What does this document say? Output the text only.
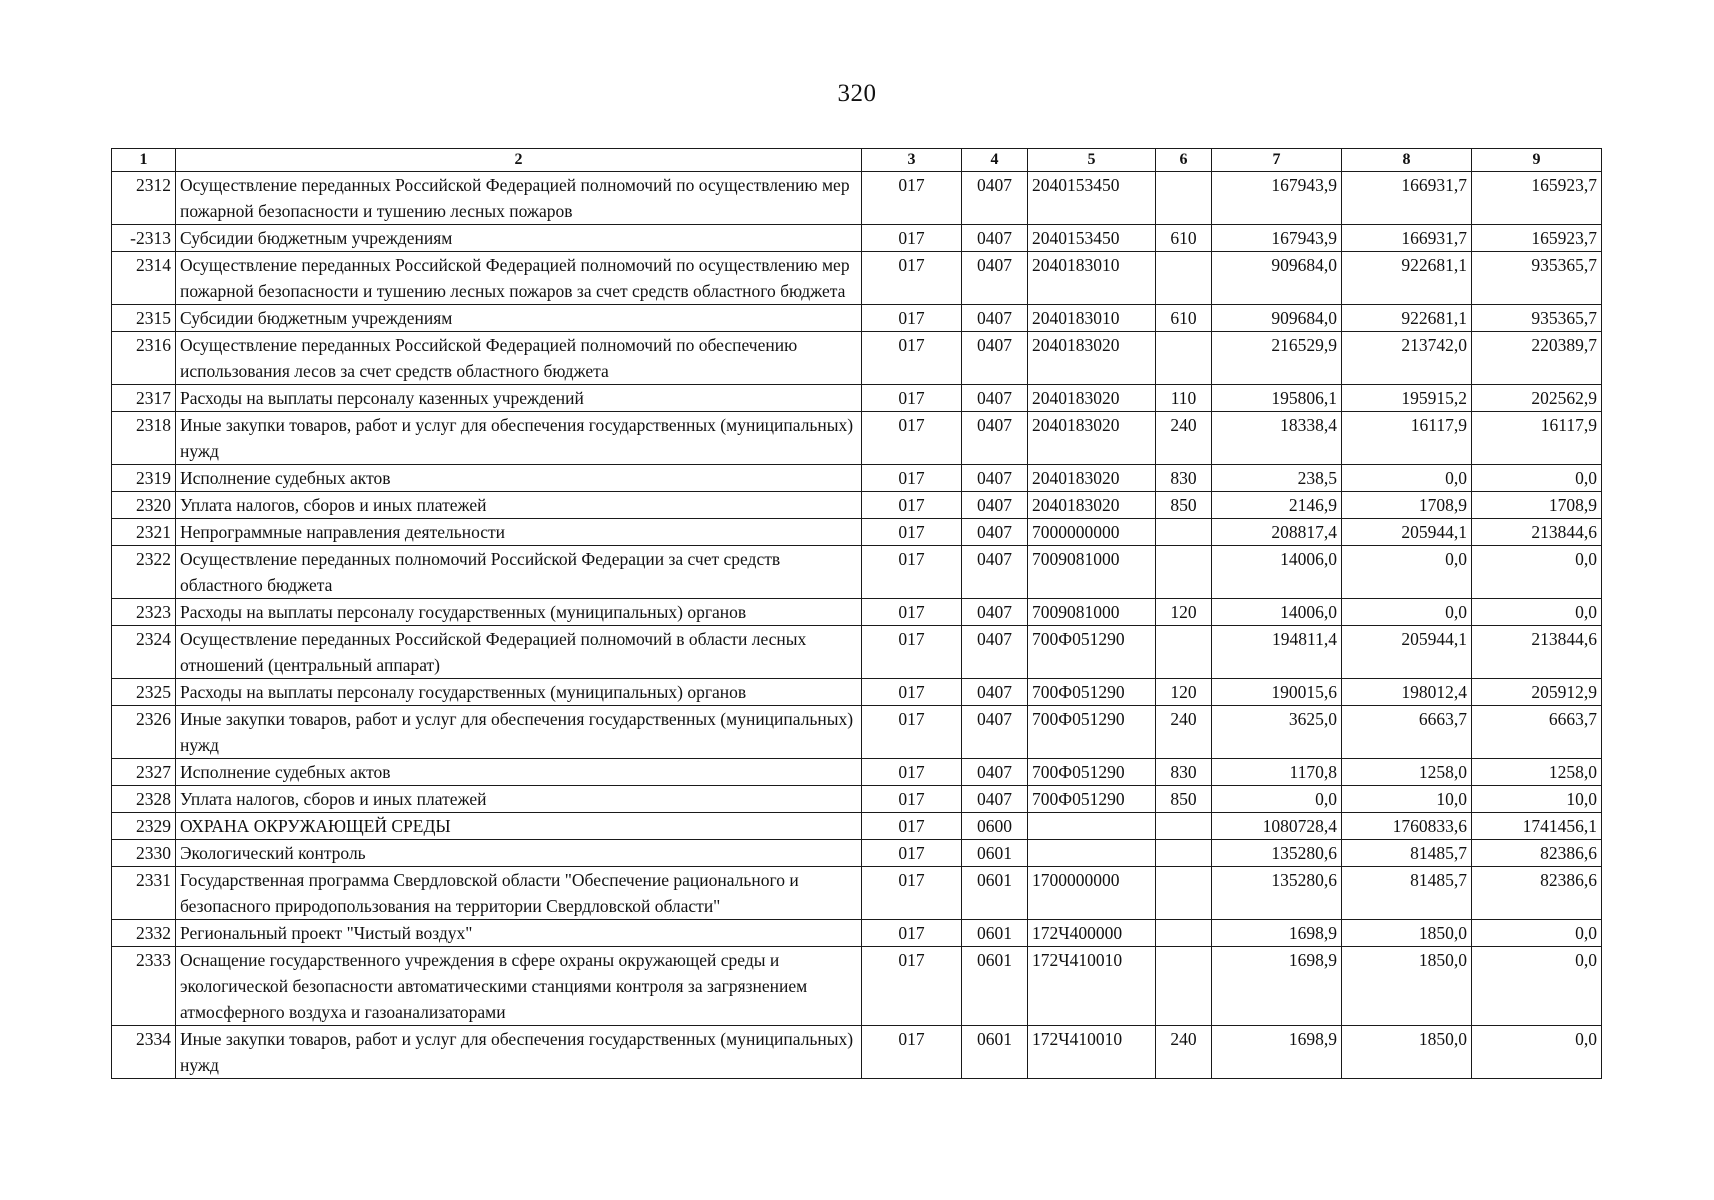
320
1	2	3	4	5	6	7	8	9
2312	Осуществление переданных Российской Федерацией полномочий по осуществлению мер пожарной безопасности и тушению лесных пожаров	017	0407	2040153450		167943,9	166931,7	165923,7
-2313	Субсидии бюджетным учреждениям	017	0407	2040153450	610	167943,9	166931,7	165923,7
2314	Осуществление переданных Российской Федерацией полномочий по осуществлению мер пожарной безопасности и тушению лесных пожаров за счет средств областного бюджета	017	0407	2040183010		909684,0	922681,1	935365,7
2315	Субсидии бюджетным учреждениям	017	0407	2040183010	610	909684,0	922681,1	935365,7
2316	Осуществление переданных Российской Федерацией полномочий по обеспечению использования лесов за счет средств областного бюджета	017	0407	2040183020		216529,9	213742,0	220389,7
2317	Расходы на выплаты персоналу казенных учреждений	017	0407	2040183020	110	195806,1	195915,2	202562,9
2318	Иные закупки товаров, работ и услуг для обеспечения государственных (муниципальных) нужд	017	0407	2040183020	240	18338,4	16117,9	16117,9
2319	Исполнение судебных актов	017	0407	2040183020	830	238,5	0,0	0,0
2320	Уплата налогов, сборов и иных платежей	017	0407	2040183020	850	2146,9	1708,9	1708,9
2321	Непрограммные направления деятельности	017	0407	7000000000		208817,4	205944,1	213844,6
2322	Осуществление переданных полномочий Российской Федерации за счет средств областного бюджета	017	0407	7009081000		14006,0	0,0	0,0
2323	Расходы на выплаты персоналу государственных (муниципальных) органов	017	0407	7009081000	120	14006,0	0,0	0,0
2324	Осуществление переданных Российской Федерацией полномочий в области лесных отношений (центральный аппарат)	017	0407	700Ф051290		194811,4	205944,1	213844,6
2325	Расходы на выплаты персоналу государственных (муниципальных) органов	017	0407	700Ф051290	120	190015,6	198012,4	205912,9
2326	Иные закупки товаров, работ и услуг для обеспечения государственных (муниципальных) нужд	017	0407	700Ф051290	240	3625,0	6663,7	6663,7
2327	Исполнение судебных актов	017	0407	700Ф051290	830	1170,8	1258,0	1258,0
2328	Уплата налогов, сборов и иных платежей	017	0407	700Ф051290	850	0,0	10,0	10,0
2329	ОХРАНА ОКРУЖАЮЩЕЙ СРЕДЫ	017	0600			1080728,4	1760833,6	1741456,1
2330	Экологический контроль	017	0601			135280,6	81485,7	82386,6
2331	Государственная программа Свердловской области "Обеспечение рационального и безопасного природопользования на территории Свердловской области"	017	0601	1700000000		135280,6	81485,7	82386,6
2332	Региональный проект "Чистый воздух"	017	0601	172Ч400000		1698,9	1850,0	0,0
2333	Оснащение государственного учреждения в сфере охраны окружающей среды и экологической безопасности автоматическими станциями контроля за загрязнением атмосферного воздуха и газоанализаторами	017	0601	172Ч410010		1698,9	1850,0	0,0
2334	Иные закупки товаров, работ и услуг для обеспечения государственных (муниципальных) нужд	017	0601	172Ч410010	240	1698,9	1850,0	0,0
